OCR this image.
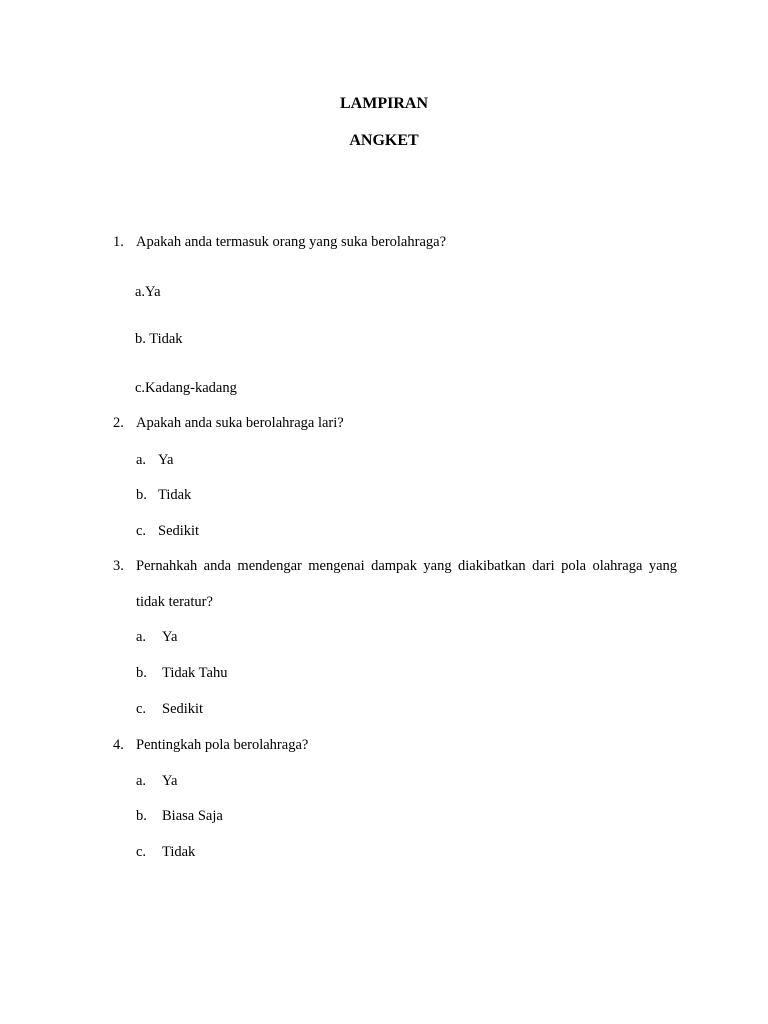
LAMPIRAN
ANGKET
1. Apakah anda termasuk orang yang suka berolahraga?
a.Ya
b. Tidak
c.Kadang-kadang
2. Apakah anda suka berolahraga lari?
a. Ya
b. Tidak
c. Sedikit
3. Pernahkah anda mendengar mengenai dampak yang diakibatkan dari pola olahraga yang
tidak teratur?
a. Ya
b. Tidak Tahu
c. Sedikit
4. Pentingkah pola berolahraga?
a. Ya
b. Biasa Saja
c. Tidak
